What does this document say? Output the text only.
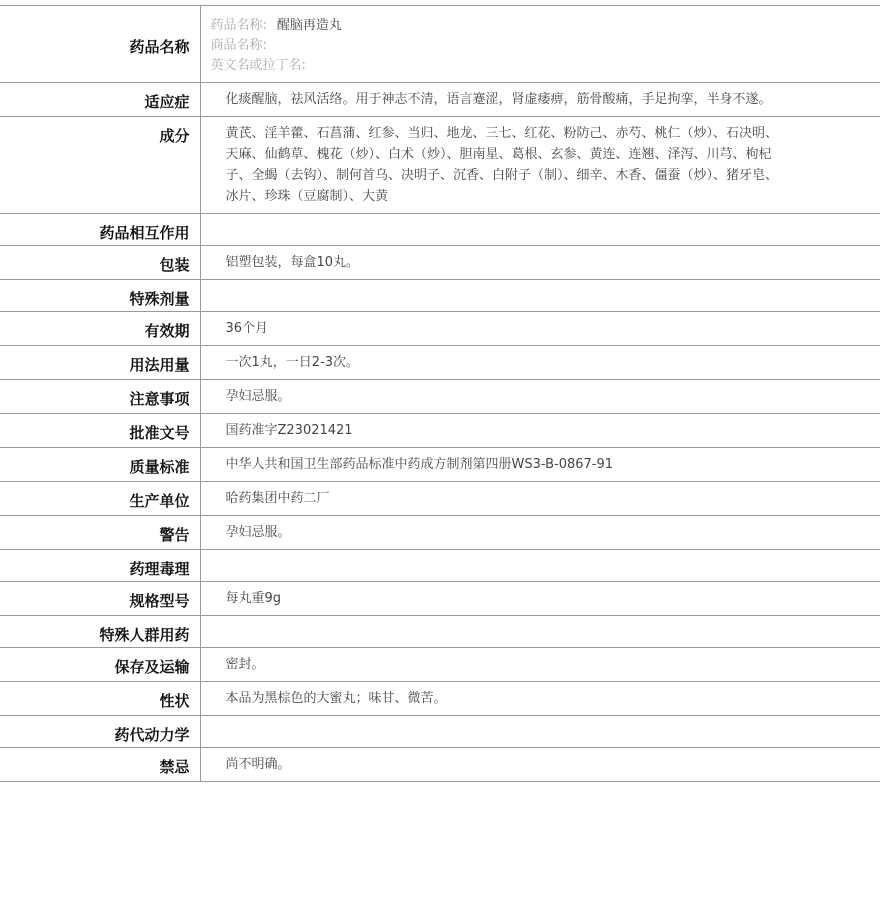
药品名称	药品名称: 醒脑再造丸
商品名称:
英文名或拉丁名:

适应症	化痰醒脑，祛风活络。用于神志不清，语言蹇涩，肾虚痿痹，筋骨酸痛，手足拘挛，半身不遂。
成分	黄芪、淫羊藿、石菖蒲、红参、当归、地龙、三七、红花、粉防己、赤芍、桃仁（炒）、石决明、天麻、仙鹤草、槐花（炒）、白术（炒）、胆南星、葛根、玄参、黄连、连翘、泽泻、川芎、枸杞子、全蝎（去钩）、制何首乌、决明子、沉香、白附子（制）、细辛、木香、僵蚕（炒）、猪牙皂、冰片、珍珠（豆腐制）、大黄
药品相互作用	
包装	铝塑包装，每盒10丸。
特殊剂量	
有效期	36个月
用法用量	一次1丸，一日2-3次。
注意事项	孕妇忌服。
批准文号	国药准字Z23021421
质量标准	中华人共和国卫生部药品标准中药成方制剂第四册WS3-B-0867-91
生产单位	哈药集团中药二厂
警告	孕妇忌服。
药理毒理	
规格型号	每丸重9g
特殊人群用药	
保存及运输	密封。
性状	本品为黑棕色的大蜜丸；味甘、微苦。
药代动力学	
禁忌	尚不明确。
